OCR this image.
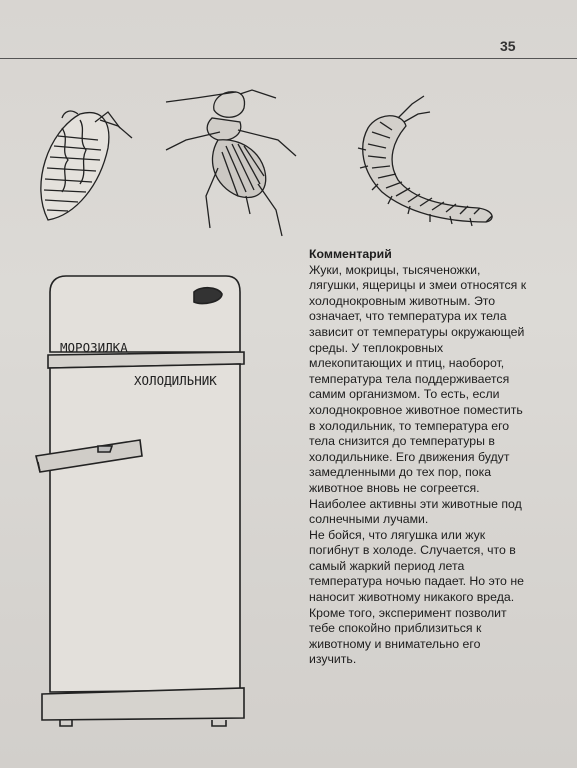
35
МОРОЗИЛКА
ХОЛОДИЛЬНИК
Комментарий

Жуки, мокрицы, тысяченожки, лягушки, ящерицы и змеи относятся к холоднокровным животным. Это означает, что температура их тела зависит от температуры окружающей среды. У теплокровных млекопитающих и птиц, наоборот, температура тела поддерживается самим организмом. То есть, если холоднокровное животное поместить в холодильник, то температура его тела снизится до температуры в холодильнике. Его движения будут замедленными до тех пор, пока животное вновь не согреется. Наиболее активны эти животные под солнечными лучами.

Не бойся, что лягушка или жук погибнут в холоде. Случается, что в самый жаркий период лета температура ночью падает. Но это не наносит животному никакого вреда. Кроме того, эксперимент позволит тебе спокойно приблизиться к животному и внимательно его изучить.
